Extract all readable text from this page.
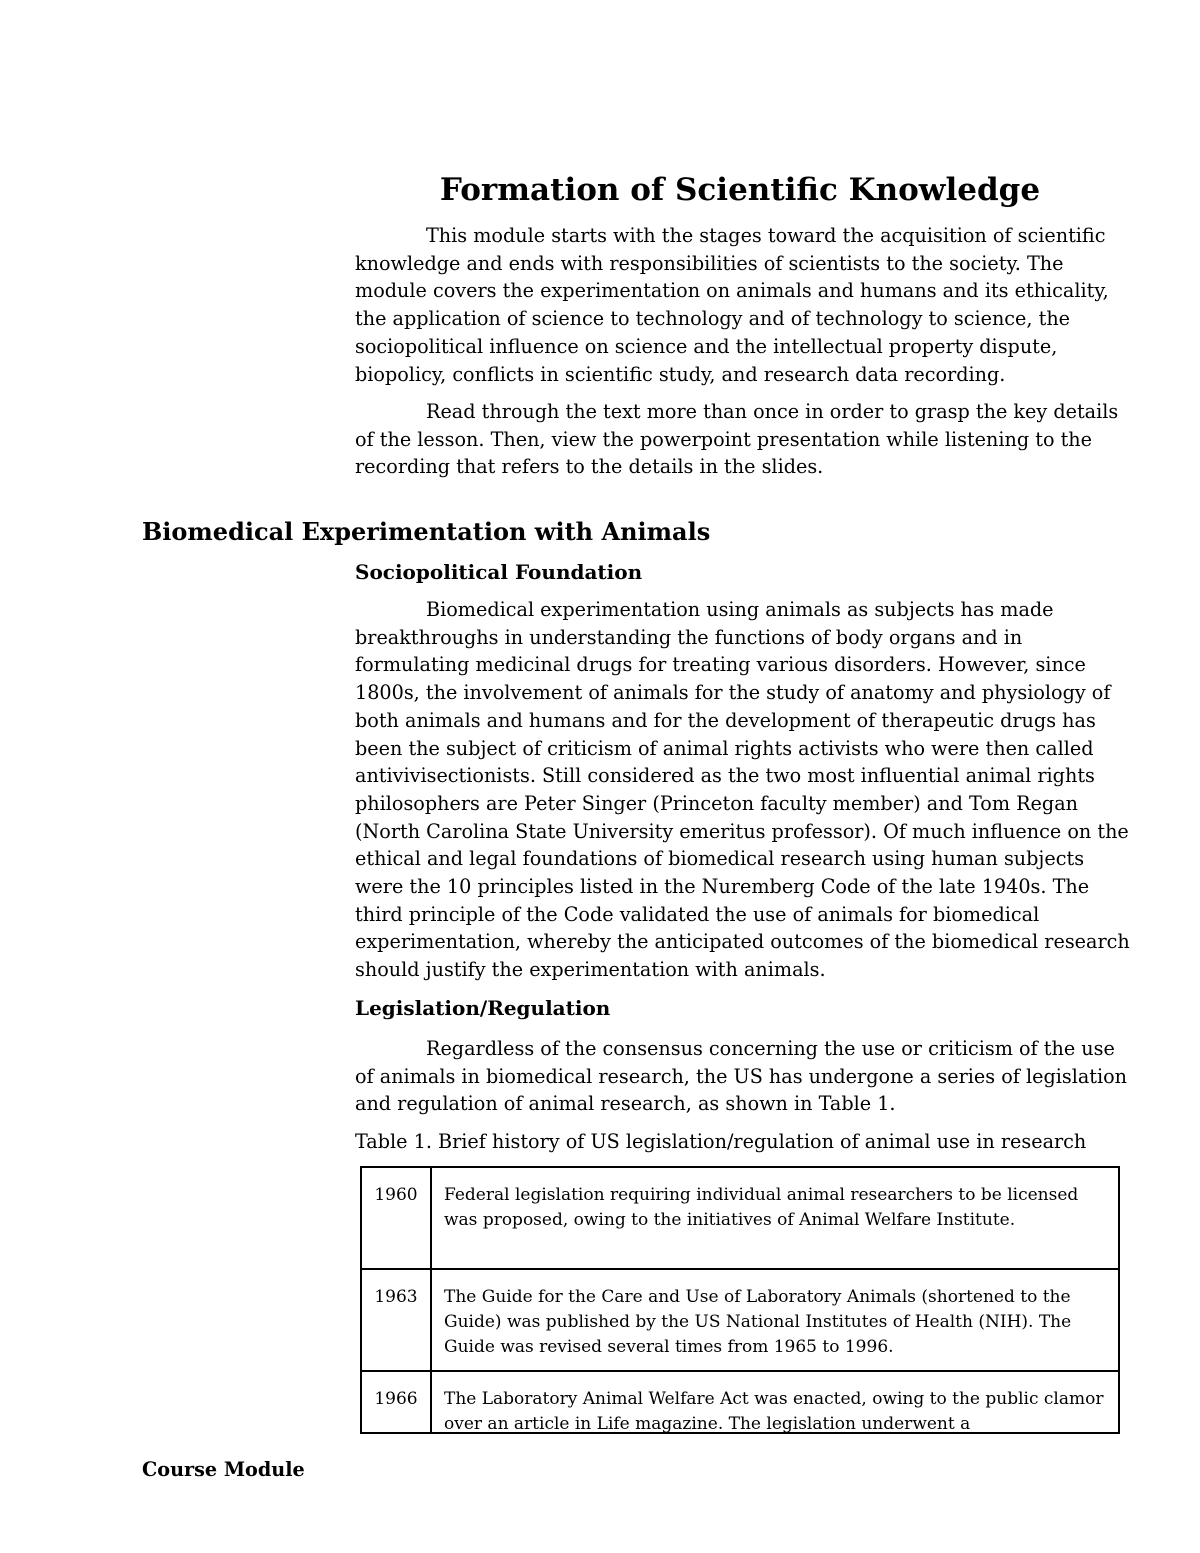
Formation of Scientific Knowledge

This module starts with the stages toward the acquisition of scientific knowledge and ends with responsibilities of scientists to the society. The module covers the experimentation on animals and humans and its ethicality, the application of science to technology and of technology to science, the sociopolitical influence on science and the intellectual property dispute, biopolicy, conflicts in scientific study, and research data recording.

Read through the text more than once in order to grasp the key details of the lesson. Then, view the powerpoint presentation while listening to the recording that refers to the details in the slides.

Biomedical Experimentation with Animals
Sociopolitical Foundation

Biomedical experimentation using animals as subjects has made breakthroughs in understanding the functions of body organs and in formulating medicinal drugs for treating various disorders. However, since 1800s, the involvement of animals for the study of anatomy and physiology of both animals and humans and for the development of therapeutic drugs has been the subject of criticism of animal rights activists who were then called antivivisectionists. Still considered as the two most influential animal rights philosophers are Peter Singer (Princeton faculty member) and Tom Regan (North Carolina State University emeritus professor). Of much influence on the ethical and legal foundations of biomedical research using human subjects were the 10 principles listed in the Nuremberg Code of the late 1940s. The third principle of the Code validated the use of animals for biomedical experimentation, whereby the anticipated outcomes of the biomedical research should justify the experimentation with animals.

Legislation/Regulation

Regardless of the consensus concerning the use or criticism of the use of animals in biomedical research, the US has undergone a series of legislation and regulation of animal research, as shown in Table 1.

Table 1. Brief history of US legislation/regulation of animal use in research
1960	Federal legislation requiring individual animal researchers to be licensed was proposed, owing to the initiatives of Animal Welfare Institute.
1963	The Guide for the Care and Use of Laboratory Animals (shortened to the Guide) was published by the US National Institutes of Health (NIH). The Guide was revised several times from 1965 to 1996.
1966	The Laboratory Animal Welfare Act was enacted, owing to the public clamor over an article in Life magazine. The legislation underwent a
Course Module
